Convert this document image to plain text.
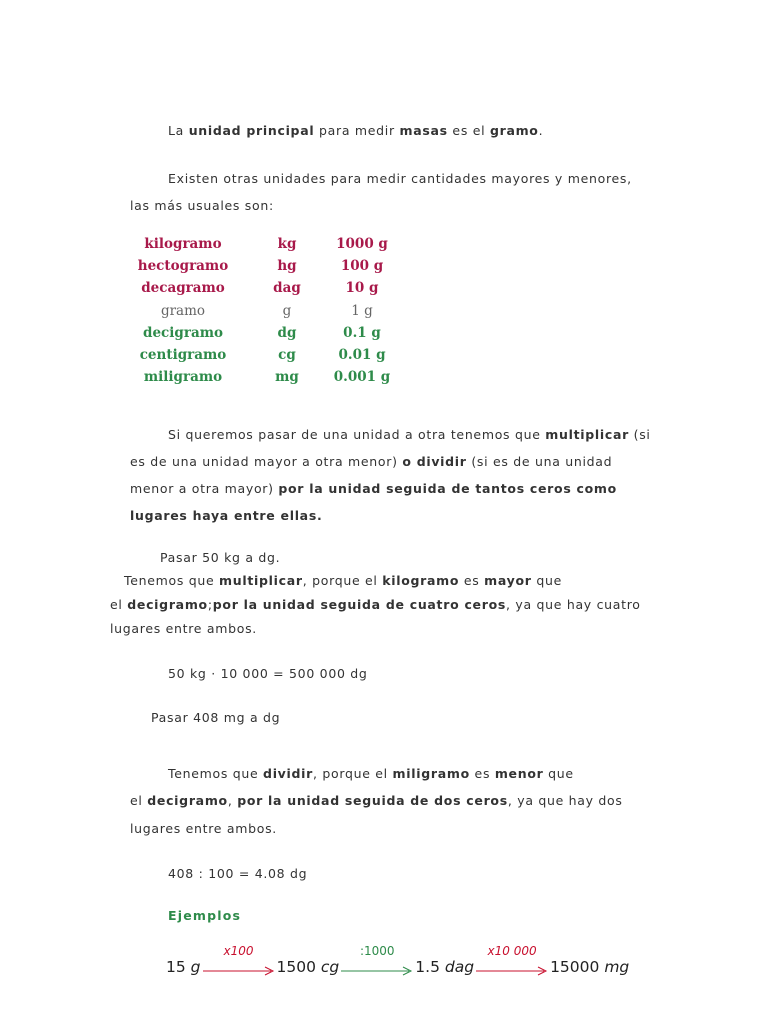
La unidad principal para medir masas es el gramo.
Existen otras unidades para medir cantidades mayores y menores,
las más usuales son:
kilogramo	kg	1000 g
hectogramo	hg	100 g
decagramo	dag	10 g
gramo	g	1 g
decigramo	dg	0.1 g
centigramo	cg	0.01 g
miligramo	mg	0.001 g
Si queremos pasar de una unidad a otra tenemos que multiplicar (si
es de una unidad mayor a otra menor) o dividir (si es de una unidad
menor a otra mayor) por la unidad seguida de tantos ceros como
lugares haya entre ellas.
Pasar 50 kg a dg.
Tenemos que multiplicar, porque el kilogramo es mayor que
el decigramo;por la unidad seguida de cuatro ceros, ya que hay cuatro
lugares entre ambos.
50 kg · 10 000 = 500 000 dg
Pasar 408 mg a dg
Tenemos que dividir, porque el miligramo es menor que
el decigramo, por la unidad seguida de dos ceros, ya que hay dos
lugares entre ambos.
408 : 100 = 4.08 dg
Ejemplos
15 g
x100
1500 cg
:1000
1.5 dag
x10 000
15000 mg
